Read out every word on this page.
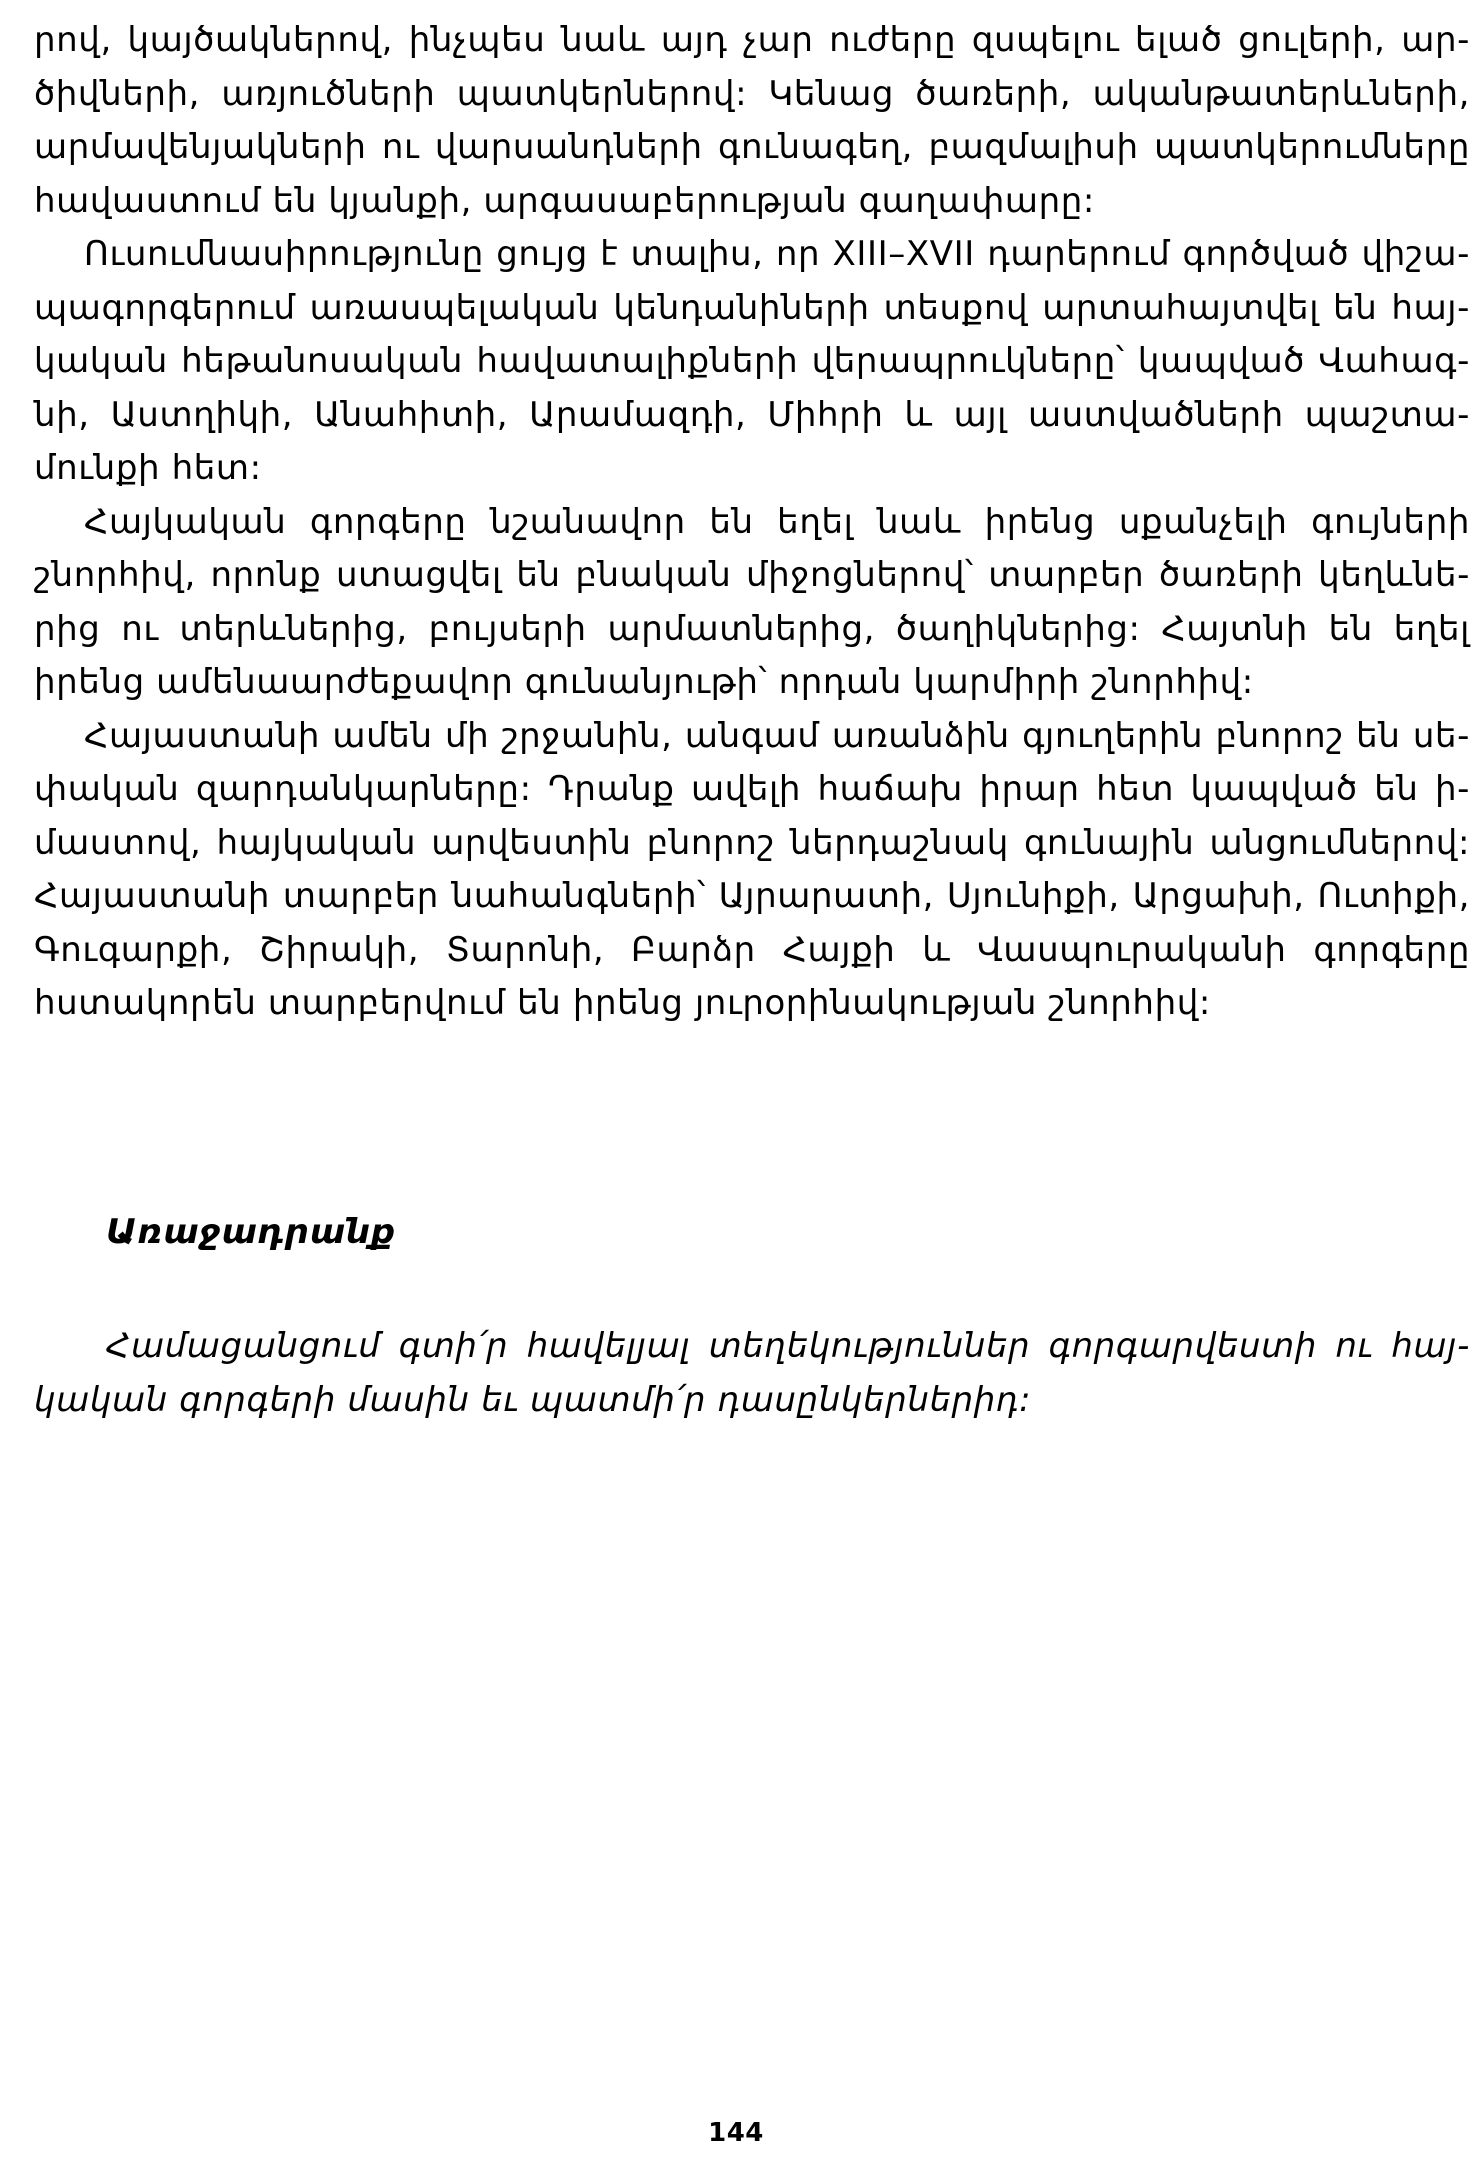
րով, կայծակներով, ինչպես նաև այդ չար ուժերը զսպելու ելած ցուլերի, ար-
ծիվների, առյուծների պատկերներով: Կենաց ծառերի, ականթատերևների,
արմավենյակների ու վարսանդների գունագեղ, բազմալիսի պատկերումները
հավաստում են կյանքի, արգասաբերության գաղափարը:

Ուսումնասիրությունը ցույց է տալիս, որ XIII–XVII դարերում գործված վիշա-
պագորգերում առասպելական կենդանիների տեսքով արտահայտվել են հայ-
կական հեթանոսական հավատալիքների վերապրուկները՝ կապված Վահագ-
նի, Աստղիկի, Անահիտի, Արամազդի, Միհրի և այլ աստվածների պաշտա-
մունքի հետ:

Հայկական գորգերը նշանավոր են եղել նաև իրենց սքանչելի գույների
շնորհիվ, որոնք ստացվել են բնական միջոցներով՝ տարբեր ծառերի կեղևնե-
րից ու տերևներից, բույսերի արմատներից, ծաղիկներից: Հայտնի են եղել
իրենց ամենաարժեքավոր գունանյութի՝ որդան կարմիրի շնորհիվ:

Հայաստանի ամեն մի շրջանին, անգամ առանձին գյուղերին բնորոշ են սե-
փական զարդանկարները: Դրանք ավելի հաճախ իրար հետ կապված են ի-
մաստով, հայկական արվեստին բնորոշ ներդաշնակ գունային անցումներով:
Հայաստանի տարբեր նահանգների՝ Այրարատի, Սյունիքի, Արցախի, Ուտիքի,
Գուգարքի, Շիրակի, Տարոնի, Բարձր Հայքի և Վասպուրականի գորգերը
հստակորեն տարբերվում են իրենց յուրօրինակության շնորհիվ:

Առաջադրանք

Համացանցում գտի՛ր հավելյալ տեղեկություններ գորգարվեստի ու հայ-
կական գորգերի մասին եւ պատմի՛ր դասընկերներիդ:

144
